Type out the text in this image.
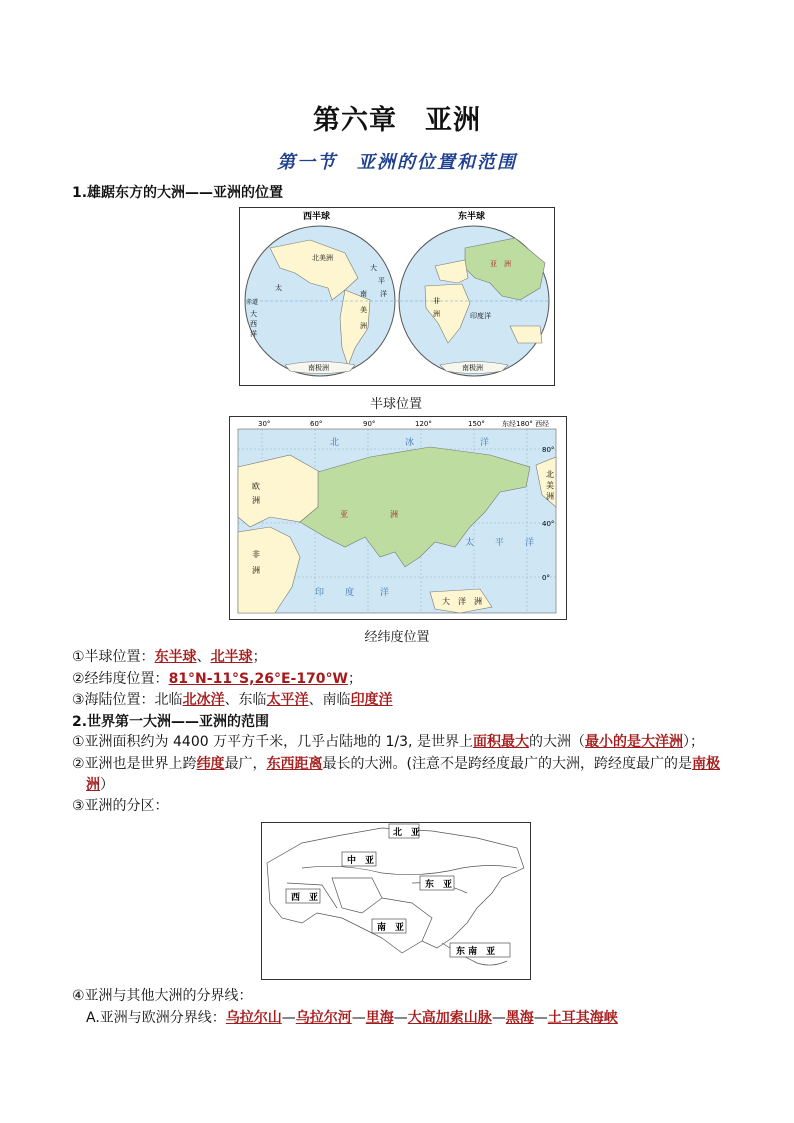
第六章　亚洲
第一节　亚洲的位置和范围
1.雄踞东方的大洲——亚洲的位置
西半球	东半球
北美洲
南
美
洲
南极洲	南极洲
赤道
大
西
洋
大
平
洋
太
非
洲
亚　洲
印度洋
半球位置
30°	60°	90°	120°	150° 东经180° 西经
80°
40°
0°
北	冰	洋
太 平 洋
印 度	洋
欧
洲
非
洲
亚	洲
北
美
洲
大 洋 洲
经纬度位置
①半球位置：东半球、北半球；
②经纬度位置：81°N-11°S,26°E-170°W；
③海陆位置：北临北冰洋、东临太平洋、南临印度洋
2.世界第一大洲——亚洲的范围
①亚洲面积约为 4400 万平方千米，几乎占陆地的 1/3, 是世界上面积最大的大洲（最小的是大洋洲）；
②亚洲也是世界上跨纬度最广，东西距离最长的大洲。(注意不是跨经度最广的大洲，跨经度最广的是南极
洲）
③亚洲的分区：
北　亚
中　亚
东　亚
西　亚
南　亚
东 南　亚
④亚洲与其他大洲的分界线：
A.亚洲与欧洲分界线：乌拉尔山—乌拉尔河—里海—大高加索山脉—黑海—土耳其海峡
